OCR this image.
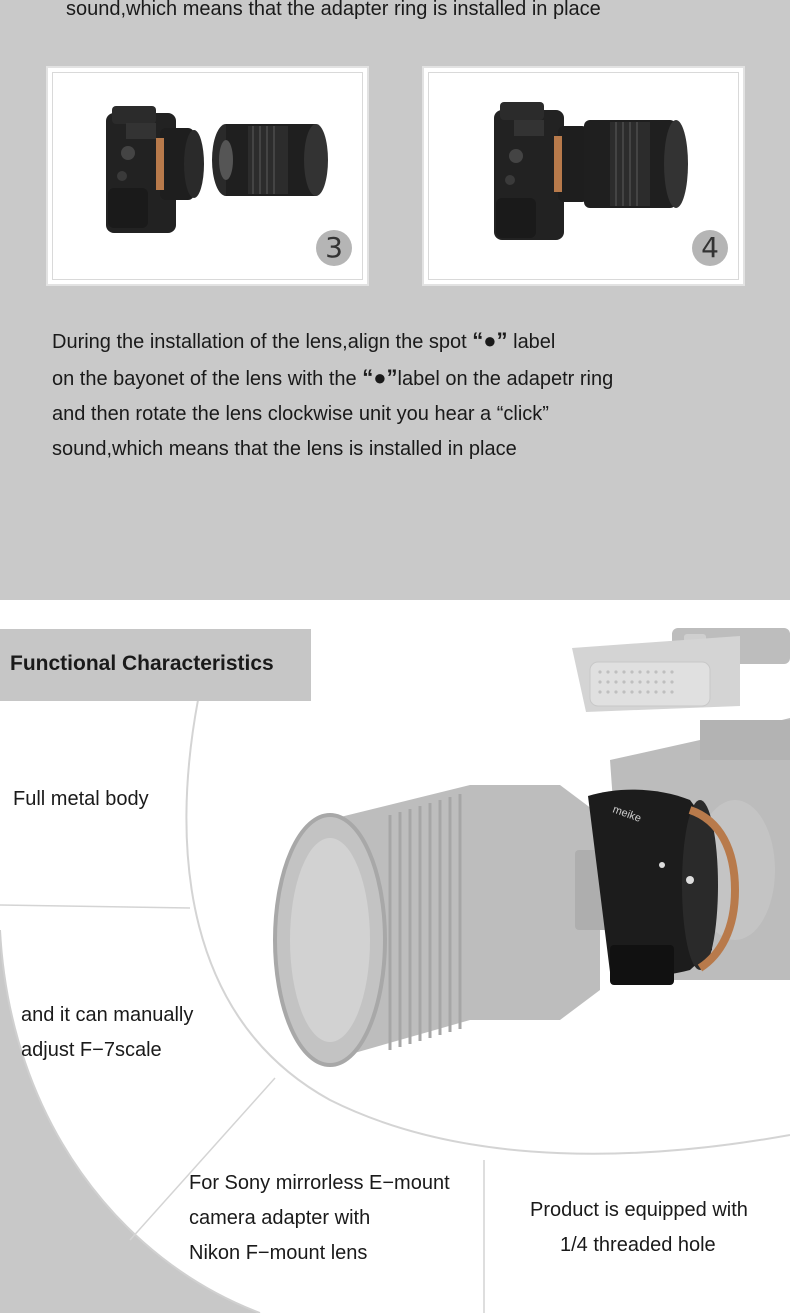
sound,which means that the adapter ring is installed in place
3	4
During the installation of the lens,align the spot “●” label
on the bayonet of the lens with the “●”label on the adapetr ring
and then rotate the lens clockwise unit you hear a “click”
sound,which means that the lens is installed in place
meike
Functional Characteristics
Full metal body
and it can manually
adjust F−7scale
For Sony mirrorless E−mount
camera adapter with
Nikon F−mount lens
Product is equipped with
1/4 threaded hole
